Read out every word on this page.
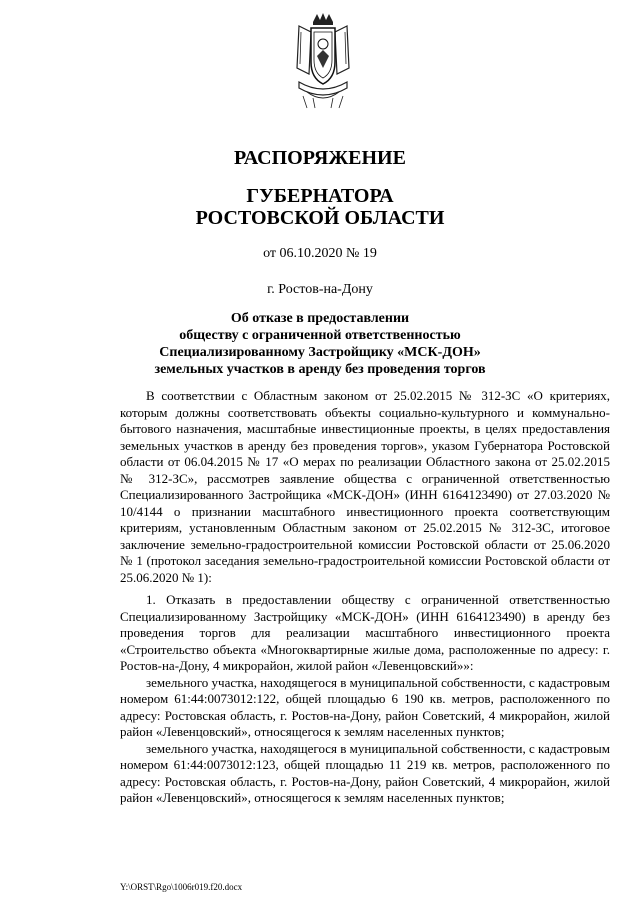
РАСПОРЯЖЕНИЕ
ГУБЕРНАТОРА
РОСТОВСКОЙ ОБЛАСТИ
от 06.10.2020 № 19
г. Ростов-на-Дону
Об отказе в предоставлении
обществу с ограниченной ответственностью
Специализированному Застройщику «МСК-ДОН»
земельных участков в аренду без проведения торгов

В соответствии с Областным законом от 25.02.2015 № 312-ЗС «О критериях, которым должны соответствовать объекты социально-культурного и коммунально-бытового назначения, масштабные инвестиционные проекты, в целях предоставления земельных участков в аренду без проведения торгов», указом Губернатора Ростовской области от 06.04.2015 № 17 «О мерах по реализации Областного закона от 25.02.2015 № 312-ЗС», рассмотрев заявление общества с ограниченной ответственностью Специализированного Застройщика «МСК-ДОН» (ИНН 6164123490) от 27.03.2020 № 10/4144 о признании масштабного инвестиционного проекта соответствующим критериям, установленным Областным законом от 25.02.2015 № 312-ЗС, итоговое заключение земельно-градостроительной комиссии Ростовской области от 25.06.2020 № 1 (протокол заседания земельно-градостроительной комиссии Ростовской области от 25.06.2020 № 1):

1. Отказать в предоставлении обществу с ограниченной ответственностью Специализированному Застройщику «МСК-ДОН» (ИНН 6164123490) в аренду без проведения торгов для реализации масштабного инвестиционного проекта «Строительство объекта «Многоквартирные жилые дома, расположенные по адресу: г. Ростов-на-Дону, 4 микрорайон, жилой район «Левенцовский»»:

земельного участка, находящегося в муниципальной собственности, с кадастровым номером 61:44:0073012:122, общей площадью 6 190 кв. метров, расположенного по адресу: Ростовская область, г. Ростов-на-Дону, район Советский, 4 микрорайон, жилой район «Левенцовский», относящегося к землям населенных пунктов;

земельного участка, находящегося в муниципальной собственности, с кадастровым номером 61:44:0073012:123, общей площадью 11 219 кв. метров, расположенного по адресу: Ростовская область, г. Ростов-на-Дону, район Советский, 4 микрорайон, жилой район «Левенцовский», относящегося к землям населенных пунктов;

Y:\ORST\Rgo\1006r019.f20.docx
